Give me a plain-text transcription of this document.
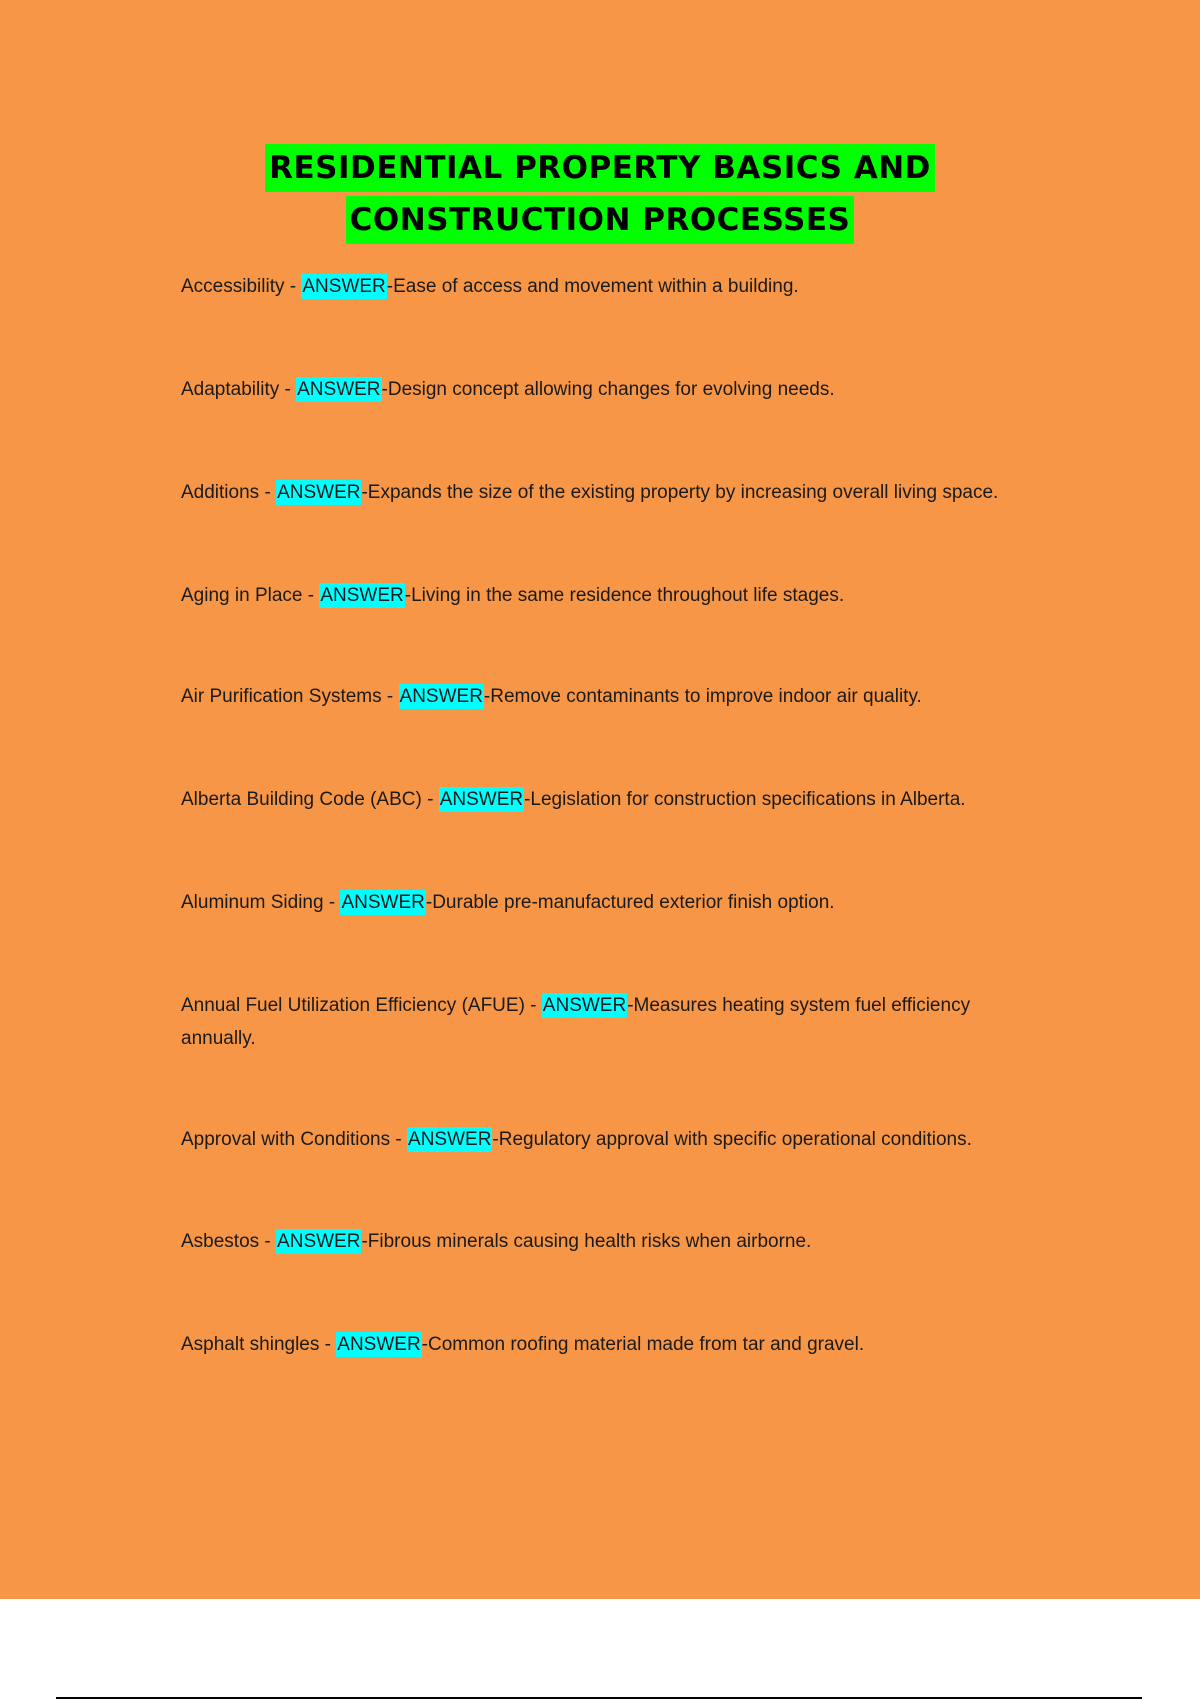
RESIDENTIAL PROPERTY BASICS AND
CONSTRUCTION PROCESSES
Accessibility - ANSWER-Ease of access and movement within a building.
Adaptability - ANSWER-Design concept allowing changes for evolving needs.
Additions - ANSWER-Expands the size of the existing property by increasing overall living space.
Aging in Place - ANSWER-Living in the same residence throughout life stages.
Air Purification Systems - ANSWER-Remove contaminants to improve indoor air quality.
Alberta Building Code (ABC) - ANSWER-Legislation for construction specifications in Alberta.
Aluminum Siding - ANSWER-Durable pre-manufactured exterior finish option.
Annual Fuel Utilization Efficiency (AFUE) - ANSWER-Measures heating system fuel efficiency annually.
Approval with Conditions - ANSWER-Regulatory approval with specific operational conditions.
Asbestos - ANSWER-Fibrous minerals causing health risks when airborne.
Asphalt shingles - ANSWER-Common roofing material made from tar and gravel.
